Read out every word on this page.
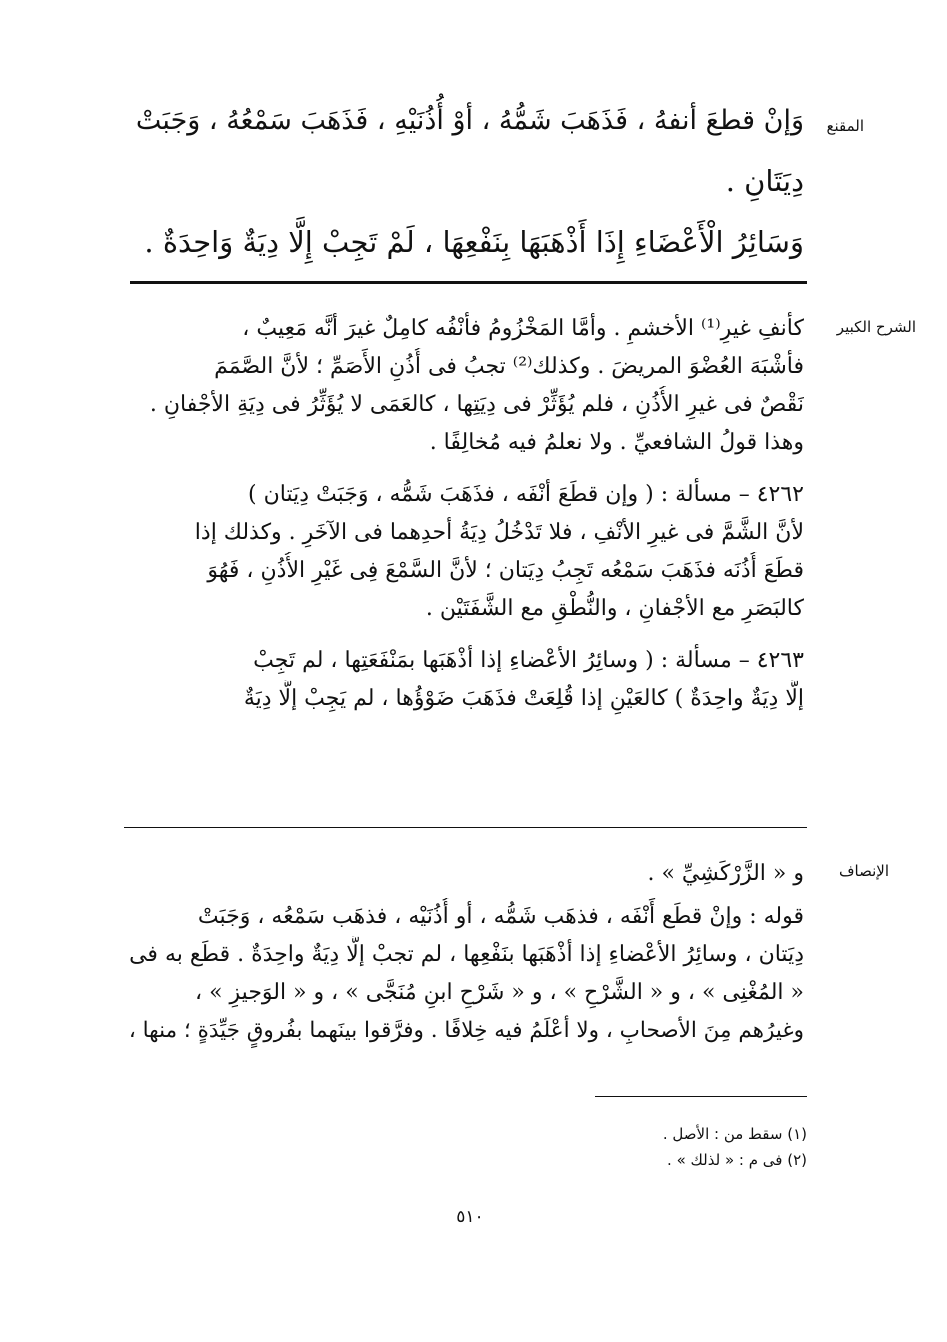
المقنع
وَإنْ قطعَ أنفهُ ، فَذَهَبَ شَمُّهُ ، أوْ أُذُنَيْهِ ، فَذَهَبَ سَمْعُهُ ، وَجَبَتْ
دِيَتَانِ .
وَسَائِرُ الْأَعْضَاءِ إِذَا أَذْهَبَهَا بِنَفْعِهَا ، لَمْ تَجِبْ إِلَّا دِيَةٌ وَاحِدَةٌ .
الشرح الكبير
كأنفِ غيرِ⁽¹⁾ الأخشمِ . وأمَّا المَخْزُومُ فأنْفُه كامِلٌ غيرَ أنَّه مَعِيبٌ ،
فأشْبَهَ العُضْوَ المريضَ . وكذلك⁽²⁾ تجبُ فى أُذُنِ الأَصَمِّ ؛ لأنَّ الصَّمَمَ
نَقْصٌ فى غيرِ الأُذُنِ ، فلم يُؤَثِّرْ فى دِيَتِها ، كالعَمَى لا يُؤَثِّرُ فى دِيَةِ الأجْفانِ .
وهذا قولُ الشافعيِّ . ولا نعلمُ فيه مُخالِفًا .
٤٢٦٢ – مسألة : ( وإن قطَعَ أنْفَه ، فذَهَبَ شَمُّه ، وَجَبَتْ دِيَتان )
لأنَّ الشَّمَّ فى غيرِ الأنْفِ ، فلا تَدْخُلُ دِيَةُ أحدِهما فى الآخَرِ . وكذلك إذا
قطَعَ أُذُنَه فذَهَبَ سَمْعُه تَجِبُ دِيَتان ؛ لأنَّ السَّمْعَ فِى غَيْرِ الأُذُنِ ، فَهُوَ
كالبَصَرِ مع الأجْفانِ ، والنُّطْقِ مع الشَّفَتَيْن .
٤٢٦٣ – مسألة : ( وسائِرُ الأعْضاءِ إذا أذْهَبَها بمَنْفَعَتِها ، لم تَجِبْ
إلَّا دِيَةٌ واحِدَةٌ ) كالعَيْنِ إذا قُلِعَتْ فذَهَبَ ضَوْؤُها ، لم يَجِبْ إلَّا دِيَةٌ
الإنصاف
و « الزَّرْكَشِيِّ » .
قوله : وإنْ قطَع أَنْفَه ، فذهَب شَمُّه ، أو أُذُنَيْه ، فذهَب سَمْعُه ، وَجَبَتْ
دِيَتان ، وسائِرُ الأعْضاءِ إذا أذْهَبَها بنَفْعِها ، لم تجبْ إلَّا دِيَةٌ واحِدَةٌ . قطَع به فى
« المُغْنِى » ، و « الشَّرْحِ » ، و « شَرْحِ ابنِ مُنَجَّى » ، و « الوَجيزِ » ،
وغيرُهم مِنَ الأصحابِ ، ولا أعْلَمُ فيه خِلافًا . وفرَّقوا بينَهما بفُروقٍ جَيِّدَةٍ ؛ منها ،
(١) سقط من : الأصل .
(٢) فى م : « لذلك » .
٥١٠
